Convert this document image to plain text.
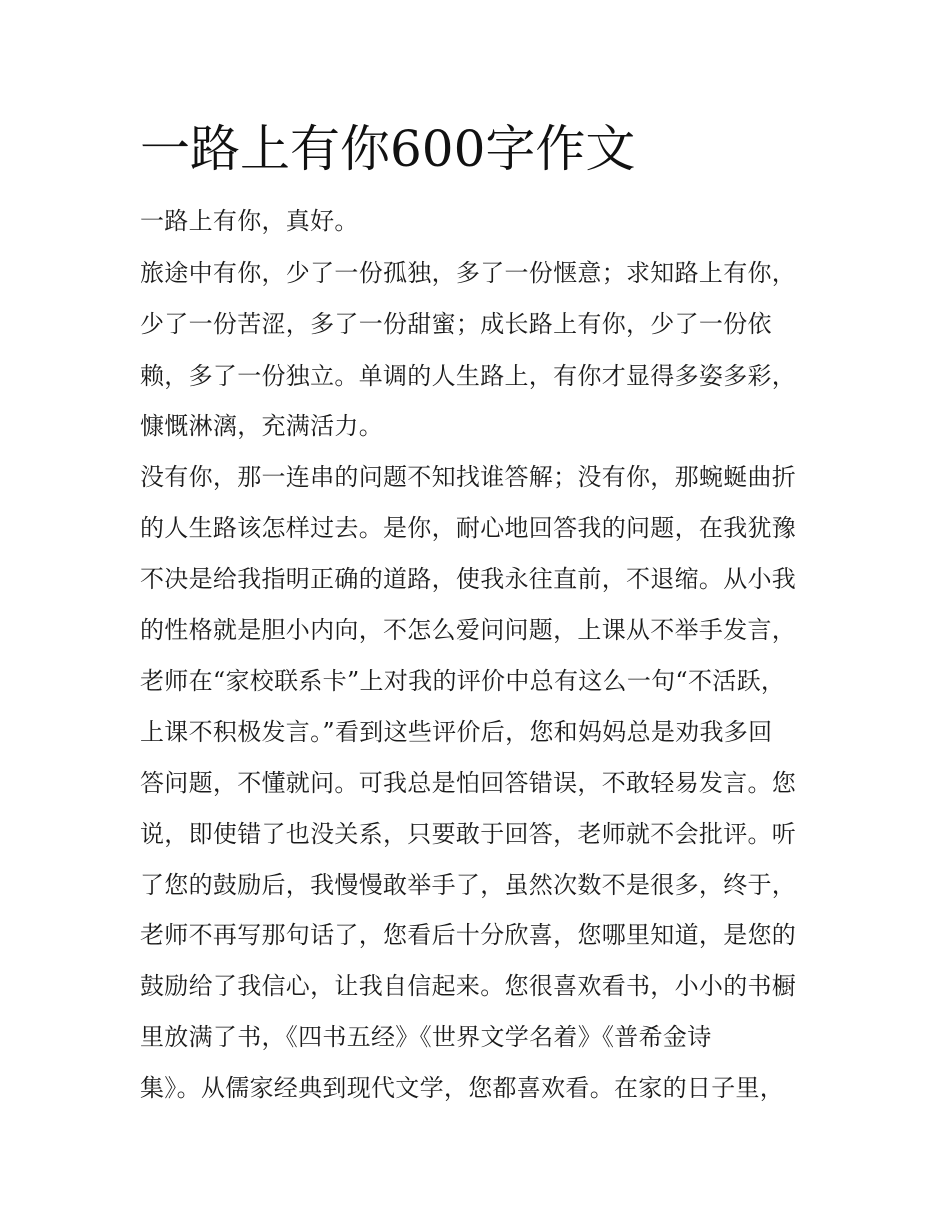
一路上有你600字作文

一路上有你，真好。

旅途中有你，少了一份孤独，多了一份惬意；求知路上有你，

少了一份苦涩，多了一份甜蜜；成长路上有你，少了一份依

赖，多了一份独立。单调的人生路上，有你才显得多姿多彩，

慷慨淋漓，充满活力。

没有你，那一连串的问题不知找谁答解；没有你，那蜿蜒曲折

的人生路该怎样过去。是你，耐心地回答我的问题，在我犹豫

不决是给我指明正确的道路，使我永往直前，不退缩。从小我

的性格就是胆小内向，不怎么爱问问题，上课从不举手发言，

老师在“家校联系卡”上对我的评价中总有这么一句“不活跃，

上课不积极发言。”看到这些评价后，您和妈妈总是劝我多回

答问题，不懂就问。可我总是怕回答错误，不敢轻易发言。您

说，即使错了也没关系，只要敢于回答，老师就不会批评。听

了您的鼓励后，我慢慢敢举手了，虽然次数不是很多，终于，

老师不再写那句话了，您看后十分欣喜，您哪里知道，是您的

鼓励给了我信心，让我自信起来。您很喜欢看书，小小的书橱

里放满了书，《四书五经》《世界文学名着》《普希金诗

集》。从儒家经典到现代文学，您都喜欢看。在家的日子里，
